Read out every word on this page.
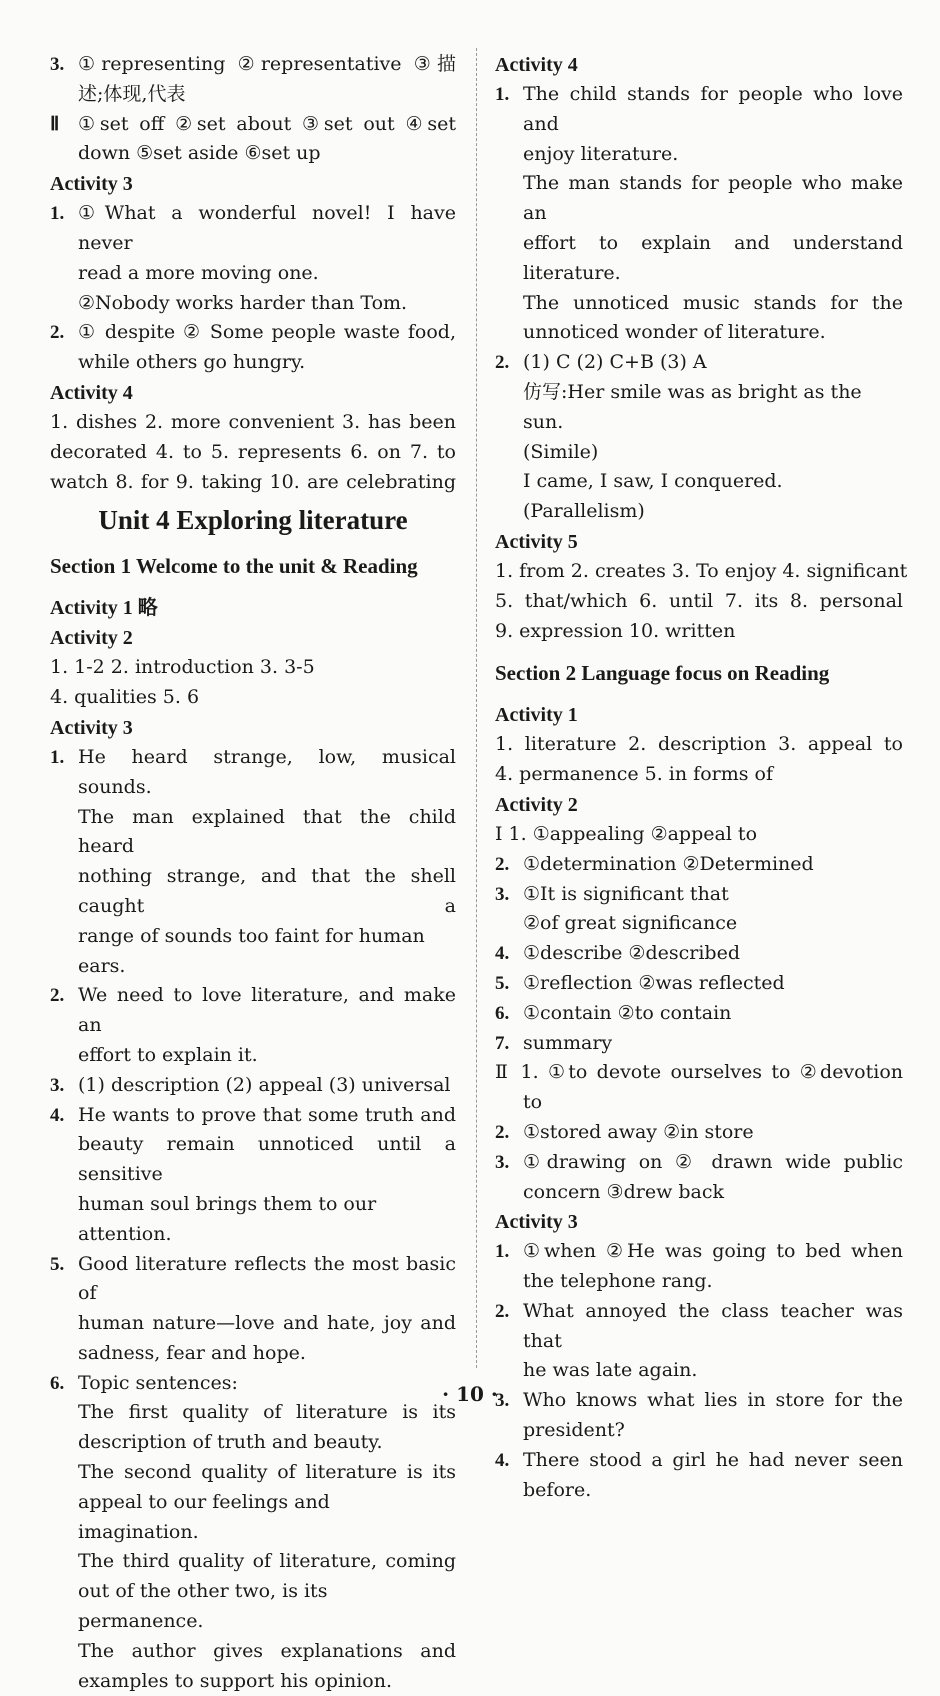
3. ①representing ②representative ③描
述;体现,代表
Ⅱ ①set off ②set about ③set out ④set
down ⑤set aside ⑥set up
Activity 3
1. ①What a wonderful novel! I have never
read a more moving one.
②Nobody works harder than Tom.
2. ① despite ② Some people waste food,
while others go hungry.
Activity 4
1. dishes 2. more convenient 3. has been
decorated 4. to 5. represents 6. on 7. to
watch 8. for 9. taking 10. are celebrating
Unit 4 Exploring literature
Section 1 Welcome to the unit & Reading
Activity 1 略
Activity 2
1. 1-2 2. introduction 3. 3-5
4. qualities 5. 6
Activity 3
1. He heard strange, low, musical sounds.
The man explained that the child heard
nothing strange, and that the shell caught a
range of sounds too faint for human ears.
2. We need to love literature, and make an
effort to explain it.
3. (1) description (2) appeal (3) universal
4. He wants to prove that some truth and
beauty remain unnoticed until a sensitive
human soul brings them to our attention.
5. Good literature reflects the most basic of
human nature—love and hate, joy and
sadness, fear and hope.
6. Topic sentences:
The first quality of literature is its
description of truth and beauty.
The second quality of literature is its
appeal to our feelings and imagination.
The third quality of literature, coming
out of the other two, is its permanence.
The author gives explanations and
examples to support his opinion.
Activity 4
1. The child stands for people who love and
enjoy literature.
The man stands for people who make an
effort to explain and understand literature.
The unnoticed music stands for the
unnoticed wonder of literature.
2. (1) C (2) C+B (3) A
仿写:Her smile was as bright as the sun.
(Simile)
I came, I saw, I conquered. (Parallelism)
Activity 5
1. from 2. creates 3. To enjoy 4. significant
5. that/which 6. until 7. its 8. personal
9. expression 10. written
Section 2 Language focus on Reading
Activity 1
1. literature 2. description 3. appeal to
4. permanence 5. in forms of
Activity 2
Ⅰ 1. ①appealing ②appeal to
2. ①determination ②Determined
3. ①It is significant that
②of great significance
4. ①describe ②described
5. ①reflection ②was reflected
6. ①contain ②to contain
7. summary
Ⅱ 1. ①to devote ourselves to ②devotion
to
2. ①stored away ②in store
3. ①drawing on ② drawn wide public
concern ③drew back
Activity 3
1. ①when ②He was going to bed when
the telephone rang.
2. What annoyed the class teacher was that
he was late again.
3. Who knows what lies in store for the
president?
4. There stood a girl he had never seen
before.
· 10 ·
